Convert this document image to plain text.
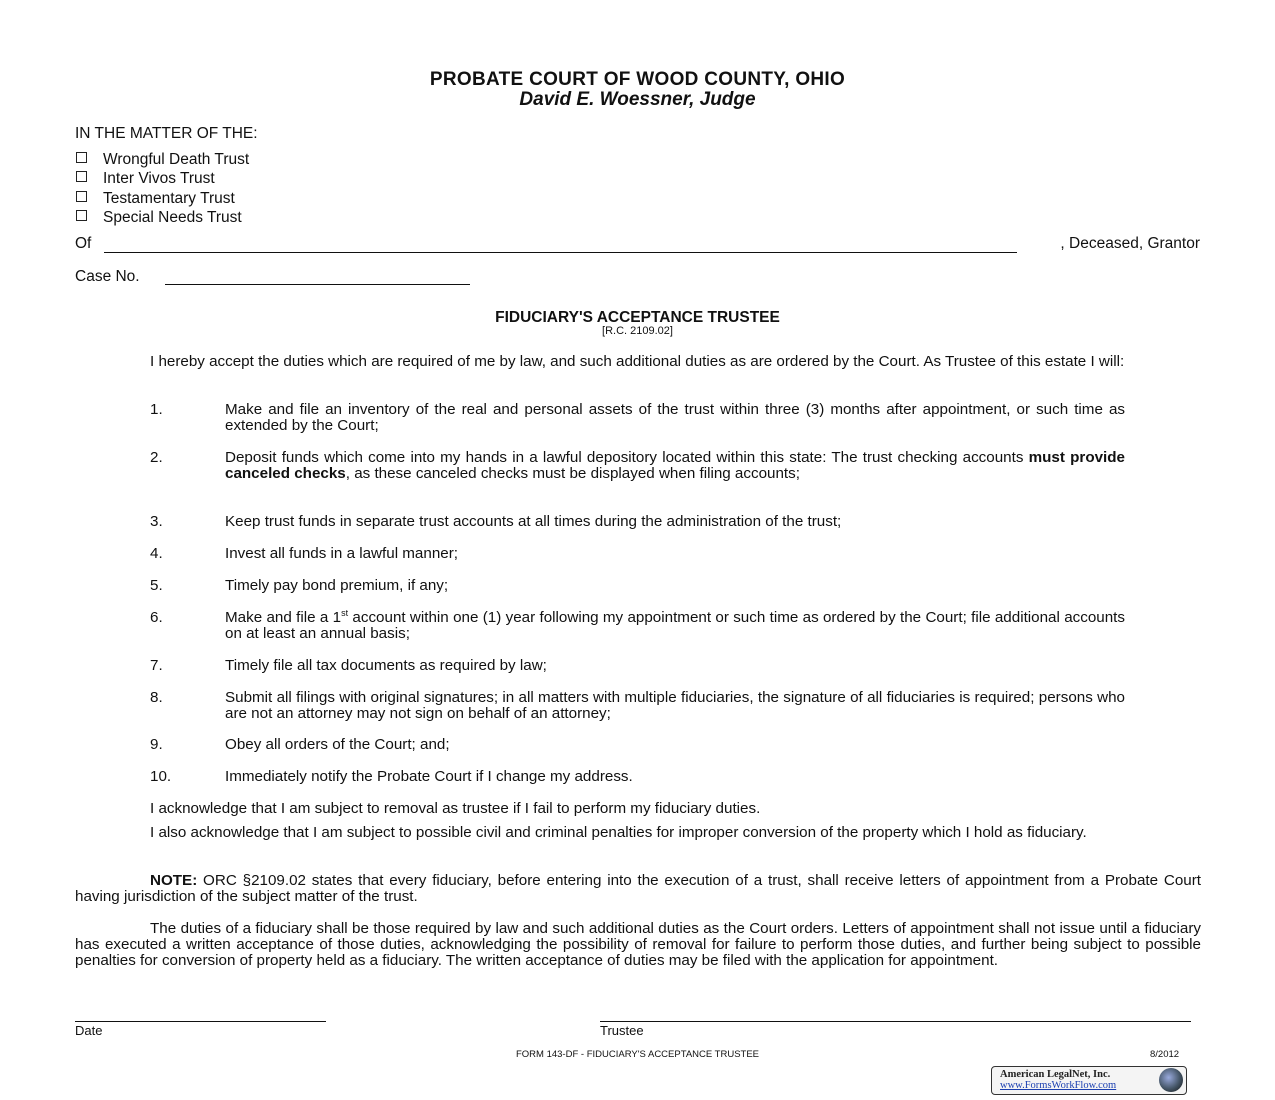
PROBATE COURT OF WOOD COUNTY, OHIO
David E. Woessner, Judge
IN THE MATTER OF THE:
Wrongful Death Trust
Inter Vivos Trust
Testamentary Trust
Special Needs Trust
Of	, Deceased, Grantor
Case No.
FIDUCIARY'S ACCEPTANCE TRUSTEE
[R.C. 2109.02]
I hereby accept the duties which are required of me by law, and such additional duties as are ordered by the Court. As Trustee of this estate I will:
1.	Make and file an inventory of the real and personal assets of the trust within three (3) months after appointment, or such time as extended by the Court;
2.	Deposit funds which come into my hands in a lawful depository located within this state: The trust checking accounts must provide canceled checks, as these canceled checks must be displayed when filing accounts;
3.	Keep trust funds in separate trust accounts at all times during the administration of the trust;
4.	Invest all funds in a lawful manner;
5.	Timely pay bond premium, if any;
6.	Make and file a 1st account within one (1) year following my appointment or such time as ordered by the Court; file additional accounts on at least an annual basis;
7.	Timely file all tax documents as required by law;
8.	Submit all filings with original signatures; in all matters with multiple fiduciaries, the signature of all fiduciaries is required; persons who are not an attorney may not sign on behalf of an attorney;
9.	Obey all orders of the Court; and;
10.	Immediately notify the Probate Court if I change my address.
I acknowledge that I am subject to removal as trustee if I fail to perform my fiduciary duties.
I also acknowledge that I am subject to possible civil and criminal penalties for improper conversion of the property which I hold as fiduciary.
NOTE: ORC §2109.02 states that every fiduciary, before entering into the execution of a trust, shall receive letters of appointment from a Probate Court having jurisdiction of the subject matter of the trust.
The duties of a fiduciary shall be those required by law and such additional duties as the Court orders. Letters of appointment shall not issue until a fiduciary has executed a written acceptance of those duties, acknowledging the possibility of removal for failure to perform those duties, and further being subject to possible penalties for conversion of property held as a fiduciary. The written acceptance of duties may be filed with the application for appointment.
Date	Trustee
FORM 143-DF - FIDUCIARY'S ACCEPTANCE TRUSTEE	8/2012
American LegalNet, Inc.
www.FormsWorkFlow.com
